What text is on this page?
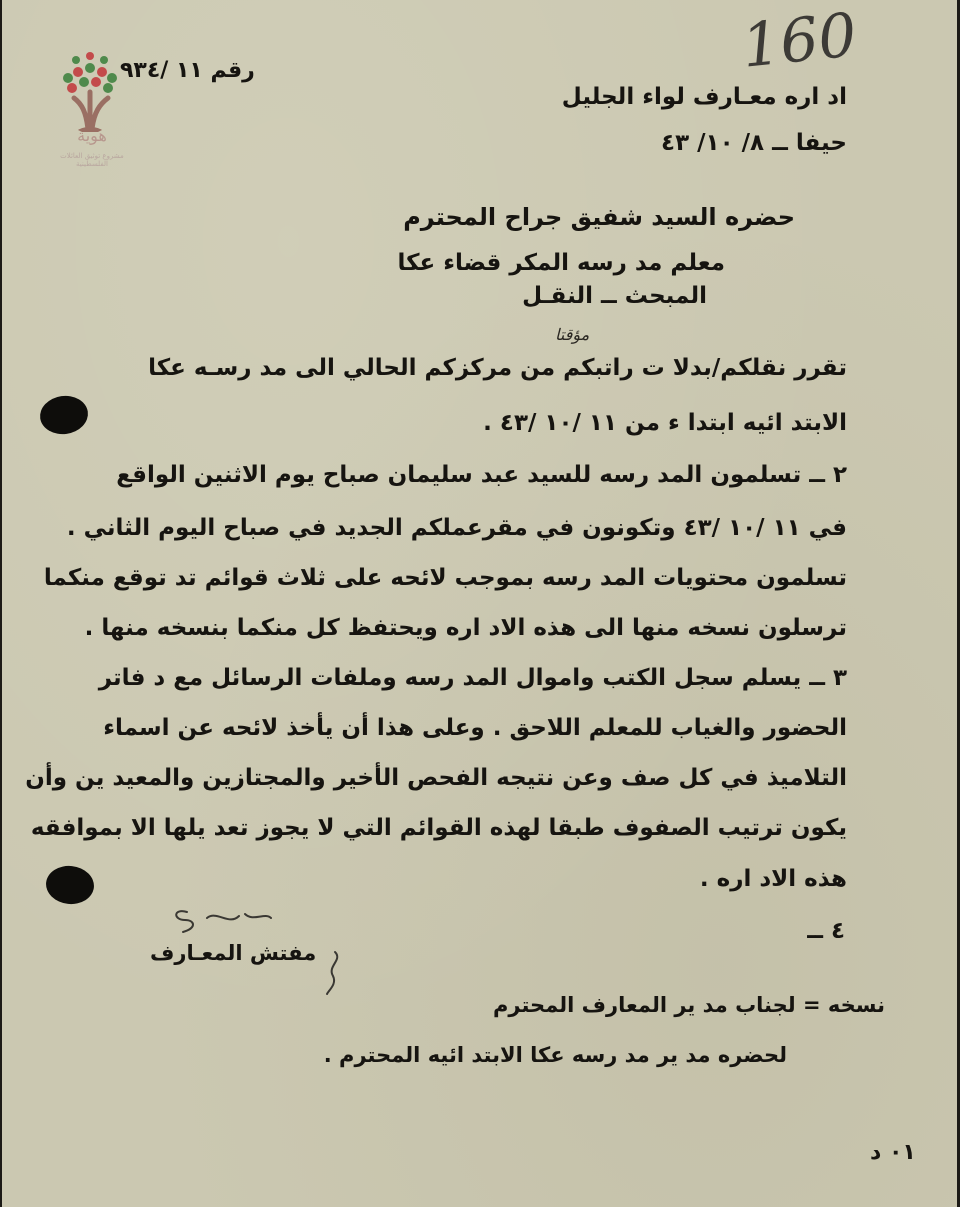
هوية
مشروع توثيق العائلات الفلسطينية
160
رقم ١١ /٩٣٤
اد اره معـارف لواء الجليل
حيفا ــ ٨/ ١٠/ ٤٣
حضره السيد شفيق جراح المحترم
معلم مد رسه المكر قضاء عكا
المبحث ــ النقـل
مؤقتا
تقرر نقلكم/بدلا ت راتبكم من مركزكم الحالي الى مد رسـه عكا
الابتد ائيه ابتدا ء من ١١ /١٠ /٤٣ .
٢ ــ تسلمون المد رسه للسيد عبد سليمان صباح يوم الاثنين الواقع
في ١١ /١٠ /٤٣ وتكونون في مقرعملكم الجديد في صباح اليوم الثاني .
تسلمون محتويات المد رسه بموجب لائحه على ثلاث قوائم تد توقع منكما
ترسلون نسخه منها الى هذه الاد اره ويحتفظ كل منكما بنسخه منها .
٣ ــ يسلم سجل الكتب واموال المد رسه وملفات الرسائل مع د فاتر
الحضور والغياب للمعلم اللاحق . وعلى هذا أن يأخذ لائحه عن اسماء
التلاميذ في كل صف وعن نتيجه الفحص الأخير والمجتازين والمعيد ين وأن
يكون ترتيب الصفوف طبقا لهذه القوائم التي لا يجوز تعد يلها الا بموافقه
هذه الاد اره .
٤ ــ
مفتش المعـارف
نسخه = لجناب مد ير المعارف المحترم
لحضره مد ير مد رسه عكا الابتد ائيه المحترم .
٠١ د
